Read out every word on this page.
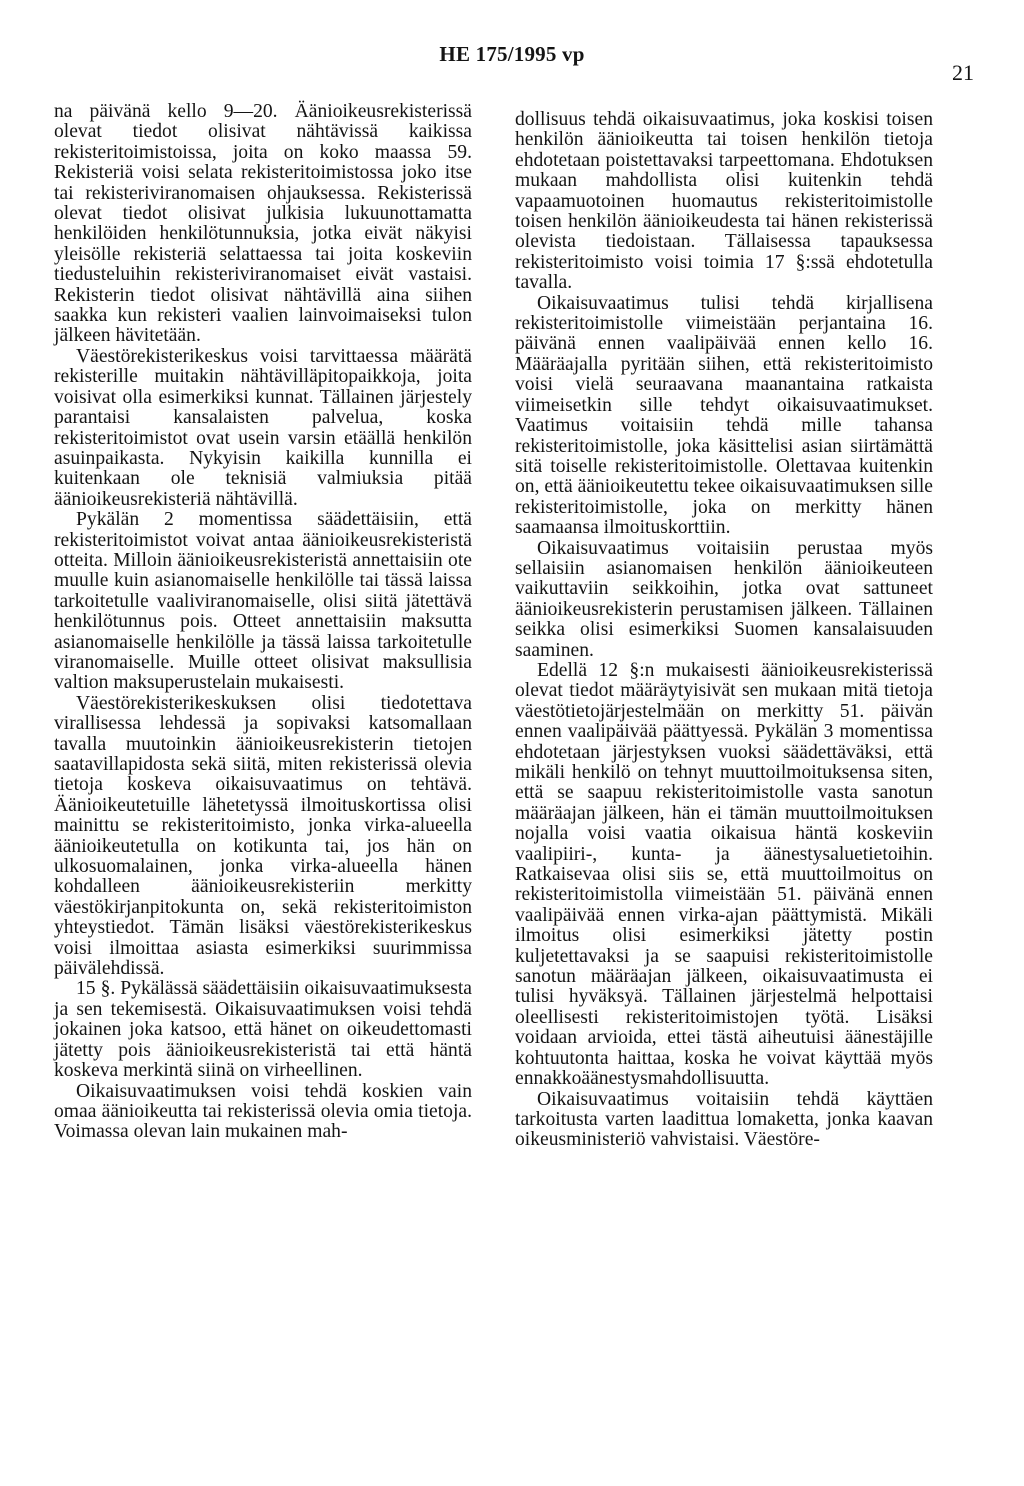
HE 175/1995 vp
21

na päivänä kello 9—20. Äänioikeusrekisterissä olevat tiedot olisivat nähtävissä kaikissa rekisteritoimistoissa, joita on koko maassa 59. Rekisteriä voisi selata rekisteritoimistossa joko itse tai rekisteriviranomaisen ohjauksessa. Rekisterissä olevat tiedot olisivat julkisia lukuunottamatta henkilöiden henkilötunnuksia, jotka eivät näkyisi yleisölle rekisteriä selattaessa tai joita koskeviin tiedusteluihin rekisteriviranomaiset eivät vastaisi. Rekisterin tiedot olisivat nähtävillä aina siihen saakka kun rekisteri vaalien lainvoimaiseksi tulon jälkeen hävitetään.

Väestörekisterikeskus voisi tarvittaessa määrätä rekisterille muitakin nähtävilläpitopaikkoja, joita voisivat olla esimerkiksi kunnat. Tällainen järjestely parantaisi kansalaisten palvelua, koska rekisteritoimistot ovat usein varsin etäällä henkilön asuinpaikasta. Nykyisin kaikilla kunnilla ei kuitenkaan ole teknisiä valmiuksia pitää äänioikeusrekisteriä nähtävillä.

Pykälän 2 momentissa säädettäisiin, että rekisteritoimistot voivat antaa äänioikeusrekisteristä otteita. Milloin äänioikeusrekisteristä annettaisiin ote muulle kuin asianomaiselle henkilölle tai tässä laissa tarkoitetulle vaaliviranomaiselle, olisi siitä jätettävä henkilötunnus pois. Otteet annettaisiin maksutta asianomaiselle henkilölle ja tässä laissa tarkoitetulle viranomaiselle. Muille otteet olisivat maksullisia valtion maksuperustelain mukaisesti.

Väestörekisterikeskuksen olisi tiedotettava virallisessa lehdessä ja sopivaksi katsomallaan tavalla muutoinkin äänioikeusrekisterin tietojen saatavillapidosta sekä siitä, miten rekisterissä olevia tietoja koskeva oikaisuvaatimus on tehtävä. Äänioikeutetuille lähetetyssä ilmoituskortissa olisi mainittu se rekisteritoimisto, jonka virka-alueella äänioikeutetulla on kotikunta tai, jos hän on ulkosuomalainen, jonka virka-alueella hänen kohdalleen äänioikeusrekisteriin merkitty väestökirjanpitokunta on, sekä rekisteritoimiston yhteystiedot. Tämän lisäksi väestörekisterikeskus voisi ilmoittaa asiasta esimerkiksi suurimmissa päivälehdissä.

15 §. Pykälässä säädettäisiin oikaisuvaatimuksesta ja sen tekemisestä. Oikaisuvaatimuksen voisi tehdä jokainen joka katsoo, että hänet on oikeudettomasti jätetty pois äänioikeusrekisteristä tai että häntä koskeva merkintä siinä on virheellinen.

Oikaisuvaatimuksen voisi tehdä koskien vain omaa äänioikeutta tai rekisterissä olevia omia tietoja. Voimassa olevan lain mukainen mah-

dollisuus tehdä oikaisuvaatimus, joka koskisi toisen henkilön äänioikeutta tai toisen henkilön tietoja ehdotetaan poistettavaksi tarpeettomana. Ehdotuksen mukaan mahdollista olisi kuitenkin tehdä vapaamuotoinen huomautus rekisteritoimistolle toisen henkilön äänioikeudesta tai hänen rekisterissä olevista tiedoistaan. Tällaisessa tapauksessa rekisteritoimisto voisi toimia 17 §:ssä ehdotetulla tavalla.

Oikaisuvaatimus tulisi tehdä kirjallisena rekisteritoimistolle viimeistään perjantaina 16. päivänä ennen vaalipäivää ennen kello 16. Määräajalla pyritään siihen, että rekisteritoimisto voisi vielä seuraavana maanantaina ratkaista viimeisetkin sille tehdyt oikaisuvaatimukset. Vaatimus voitaisiin tehdä mille tahansa rekisteritoimistolle, joka käsittelisi asian siirtämättä sitä toiselle rekisteritoimistolle. Olettavaa kuitenkin on, että äänioikeutettu tekee oikaisuvaatimuksen sille rekisteritoimistolle, joka on merkitty hänen saamaansa ilmoituskorttiin.

Oikaisuvaatimus voitaisiin perustaa myös sellaisiin asianomaisen henkilön äänioikeuteen vaikuttaviin seikkoihin, jotka ovat sattuneet äänioikeusrekisterin perustamisen jälkeen. Tällainen seikka olisi esimerkiksi Suomen kansalaisuuden saaminen.

Edellä 12 §:n mukaisesti äänioikeusrekisterissä olevat tiedot määräytyisivät sen mukaan mitä tietoja väestötietojärjestelmään on merkitty 51. päivän ennen vaalipäivää päättyessä. Pykälän 3 momentissa ehdotetaan järjestyksen vuoksi säädettäväksi, että mikäli henkilö on tehnyt muuttoilmoituksensa siten, että se saapuu rekisteritoimistolle vasta sanotun määräajan jälkeen, hän ei tämän muuttoilmoituksen nojalla voisi vaatia oikaisua häntä koskeviin vaalipiiri-, kunta- ja äänestysaluetietoihin. Ratkaisevaa olisi siis se, että muuttoilmoitus on rekisteritoimistolla viimeistään 51. päivänä ennen vaalipäivää ennen virka-ajan päättymistä. Mikäli ilmoitus olisi esimerkiksi jätetty postin kuljetettavaksi ja se saapuisi rekisteritoimistolle sanotun määräajan jälkeen, oikaisuvaatimusta ei tulisi hyväksyä. Tällainen järjestelmä helpottaisi oleellisesti rekisteritoimistojen työtä. Lisäksi voidaan arvioida, ettei tästä aiheutuisi äänestäjille kohtuutonta haittaa, koska he voivat käyttää myös ennakkoäänestysmahdollisuutta.

Oikaisuvaatimus voitaisiin tehdä käyttäen tarkoitusta varten laadittua lomaketta, jonka kaavan oikeusministeriö vahvistaisi. Väestöre-
